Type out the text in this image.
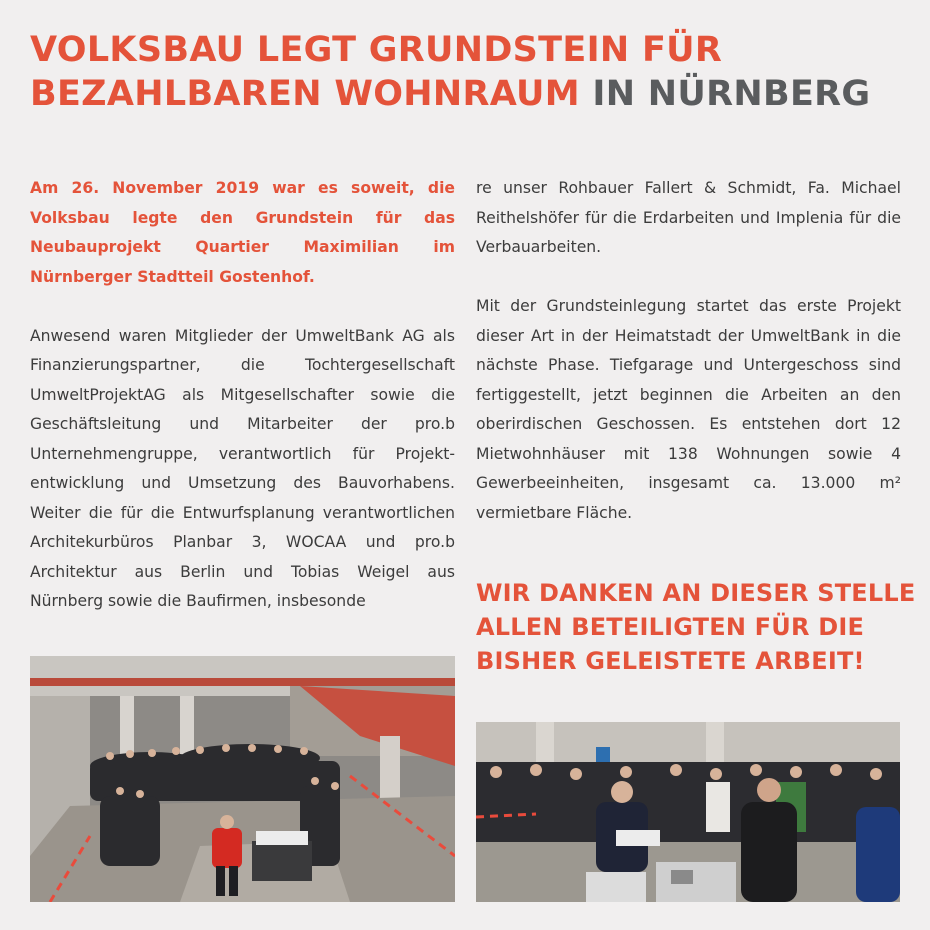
VOLKSBAU LEGT GRUNDSTEIN FÜR BEZAHLBAREN WOHNRAUM IN NÜRNBERG

Am 26. November 2019 war es soweit, die Volksbau legte den Grundstein für das Neubauprojekt Quartier Maximilian im Nürnberger Stadtteil Gostenhof.

Anwesend waren Mitglieder der UmweltBank AG als Finanzierungspartner, die Tochtergesellschaft UmweltProjektAG als Mitgesellschafter sowie die Geschäftsleitung und Mitarbeiter der pro.b Unternehmengruppe, verantwortlich für Projektentwicklung und Umsetzung des Bauvorhabens. Weiter die für die Entwurfsplanung verantwortlichen Architekurbüros Planbar 3, WOCAA und pro.b Architektur aus Berlin und Tobias Weigel aus Nürnberg sowie die Baufirmen, insbesonde

re unser Rohbauer Fallert & Schmidt, Fa. Michael Reithelshöfer für die Erdarbeiten und Implenia für die Verbauarbeiten.

Mit der Grundsteinlegung startet das erste Projekt dieser Art in der Heimatstadt der UmweltBank in die nächste Phase. Tiefgarage und Untergeschoss sind fertiggestellt, jetzt beginnen die Arbeiten an den oberirdischen Geschossen. Es entstehen dort 12 Mietwohnhäuser mit 138 Wohnungen sowie 4 Gewerbeeinheiten, insgesamt ca. 13.000 m² vermietbare Fläche.

WIR DANKEN AN DIESER STELLE ALLEN BETEILIGTEN FÜR DIE BISHER GELEISTETE ARBEIT!
